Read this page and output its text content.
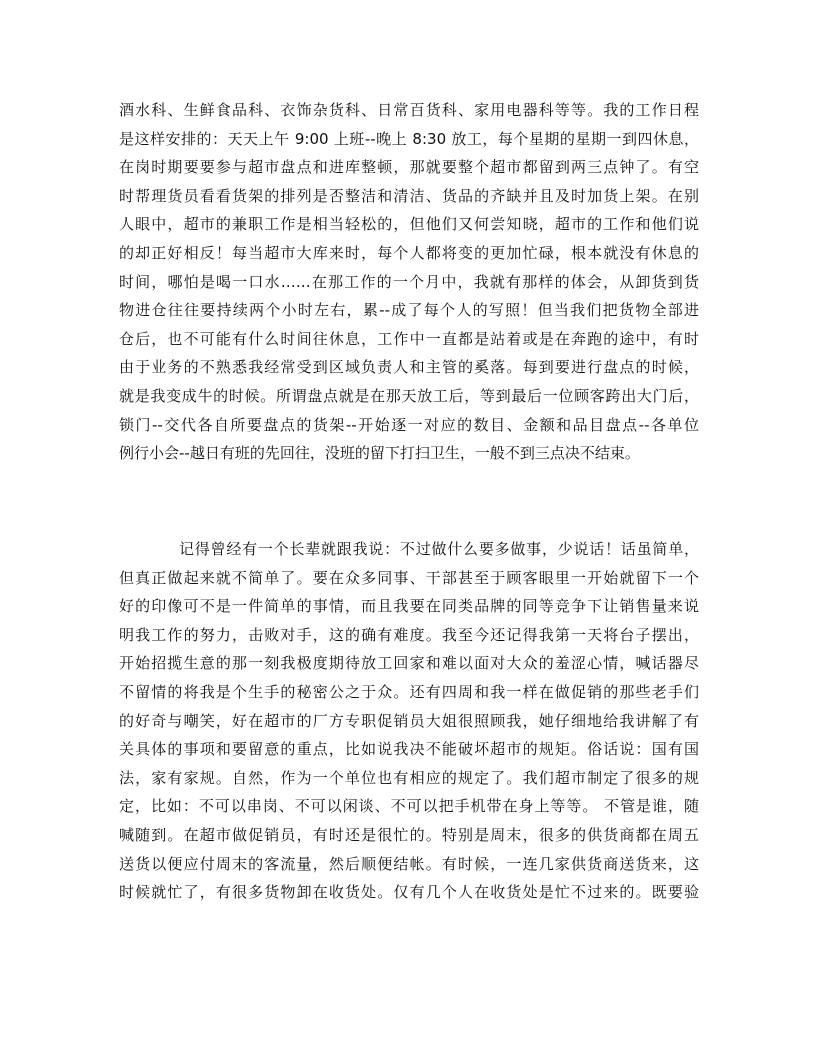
酒水科、生鲜食品科、衣饰杂货科、日常百货科、家用电器科等等。我的工作日程
是这样安排的：天天上午 9:00 上班--晚上 8:30 放工，每个星期的星期一到四休息，
在岗时期要要参与超市盘点和进库整顿，那就要整个超市都留到两三点钟了。有空
时帮理货员看看货架的排列是否整洁和清洁、货品的齐缺并且及时加货上架。在别
人眼中，超市的兼职工作是相当轻松的，但他们又何尝知晓，超市的工作和他们说
的却正好相反！每当超市大库来时，每个人都将变的更加忙碌，根本就没有休息的
时间，哪怕是喝一口水……在那工作的一个月中，我就有那样的体会，从卸货到货
物进仓往往要持续两个小时左右，累--成了每个人的写照！但当我们把货物全部进
仓后，也不可能有什么时间往休息，工作中一直都是站着或是在奔跑的途中，有时
由于业务的不熟悉我经常受到区域负责人和主管的奚落。每到要进行盘点的时候，
就是我变成牛的时候。所谓盘点就是在那天放工后，等到最后一位顾客跨出大门后，
锁门--交代各自所要盘点的货架--开始逐一对应的数目、金额和品目盘点--各单位
例行小会--越日有班的先回往，没班的留下打扫卫生，一般不到三点决不结束。
记得曾经有一个长辈就跟我说：不过做什么要多做事，少说话！话虽简单，
但真正做起来就不简单了。要在众多同事、干部甚至于顾客眼里一开始就留下一个
好的印像可不是一件简单的事情，而且我要在同类品牌的同等竞争下让销售量来说
明我工作的努力，击败对手，这的确有难度。我至今还记得我第一天将台子摆出，
开始招揽生意的那一刻我极度期待放工回家和难以面对大众的羞涩心情，喊话器尽
不留情的将我是个生手的秘密公之于众。还有四周和我一样在做促销的那些老手们
的好奇与嘲笑，好在超市的厂方专职促销员大姐很照顾我，她仔细地给我讲解了有
关具体的事项和要留意的重点，比如说我决不能破坏超市的规矩。俗话说：国有国
法，家有家规。自然，作为一个单位也有相应的规定了。我们超市制定了很多的规
定，比如：不可以串岗、不可以闲谈、不可以把手机带在身上等等。 不管是谁，随
喊随到。在超市做促销员，有时还是很忙的。特别是周末，很多的供货商都在周五
送货以便应付周末的客流量，然后顺便结帐。有时候，一连几家供货商送货来，这
时候就忙了，有很多货物卸在收货处。仅有几个人在收货处是忙不过来的。既要验
